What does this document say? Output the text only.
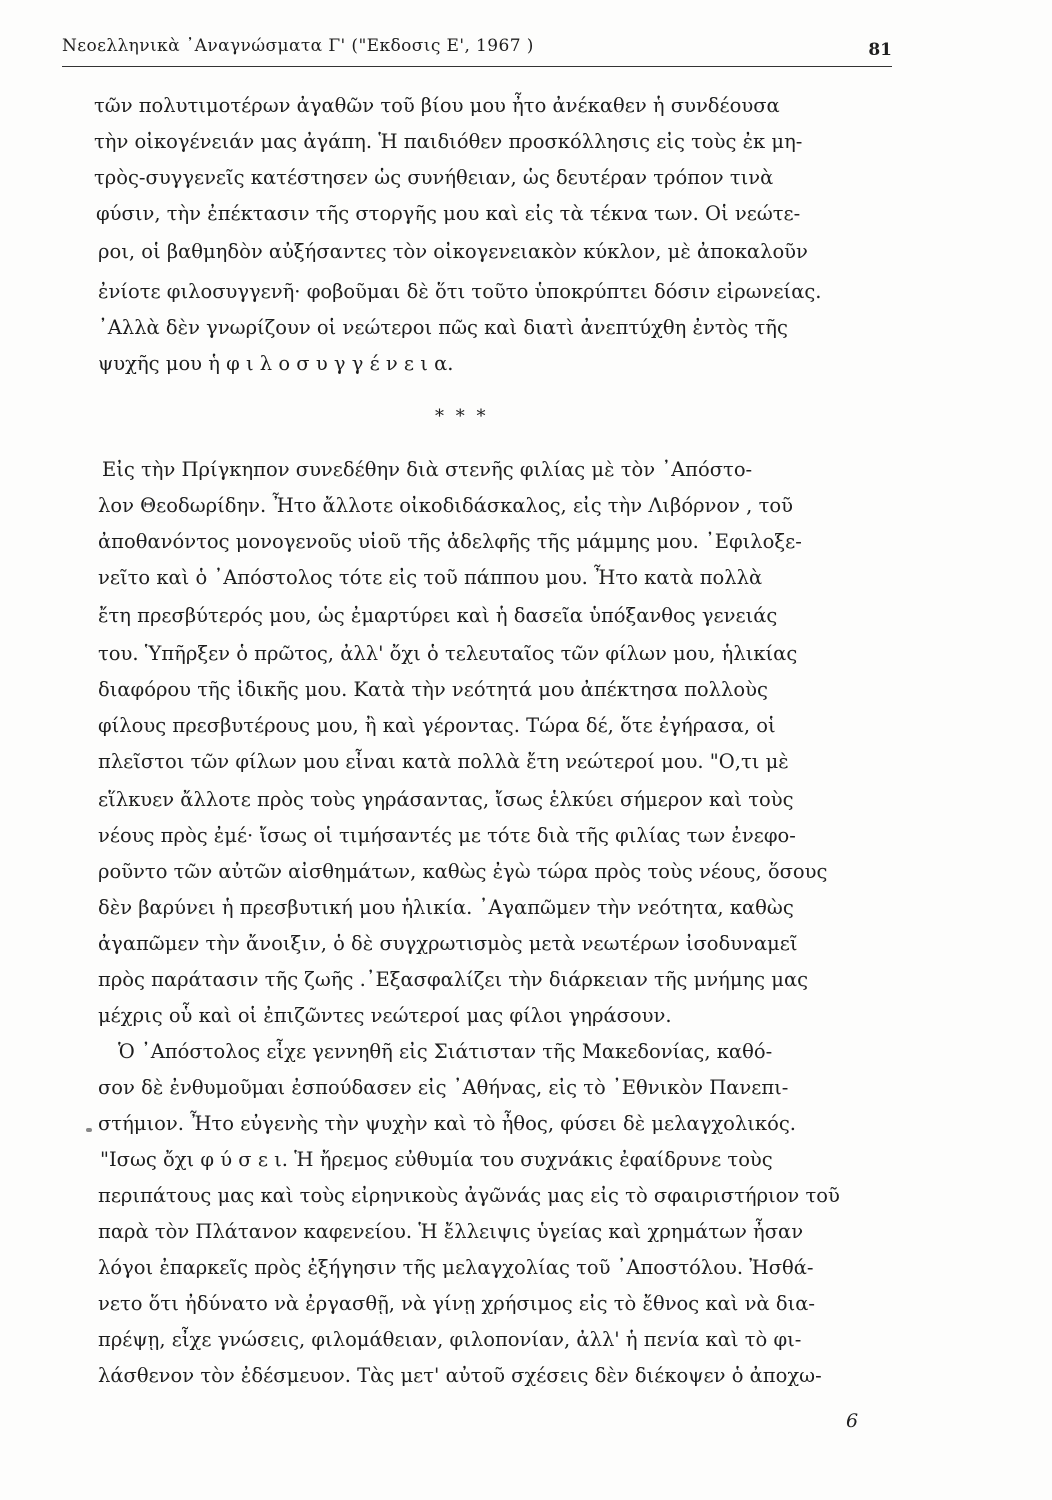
Νεοελληνικὰ ᾿Αναγνώσματα Γ' ("Εκδοσις Ε', 1967 )	81
τῶν πολυτιμοτέρων ἀγαθῶν τοῦ βίου μου ἦτο ἀνέκαθεν ἡ συνδέουσα
τὴν οἰκογένειάν μας ἀγάπη. Ἡ παιδιόθεν προσκόλλησις εἰς τοὺς ἐκ μη-
τρὸς-συγγενεῖς κατέστησεν ὡς συνήθειαν, ὡς δευτέραν τρόπον τινὰ
φύσιν, τὴν ἐπέκτασιν τῆς στοργῆς μου καὶ εἰς τὰ τέκνα των. Οἱ νεώτε-
ροι, οἱ βαθμηδὸν αὐξήσαντες τὸν οἰκογενειακὸν κύκλον, μὲ ἀποκαλοῦν
ἐνίοτε φιλοσυγγενῆ· φοβοῦμαι δὲ ὅτι τοῦτο ὑποκρύπτει δόσιν εἰρωνείας.
᾿Αλλὰ δὲν γνωρίζουν οἱ νεώτεροι πῶς καὶ διατὶ ἀνεπτύχθη ἐντὸς τῆς
ψυχῆς μου ἡ φ ι λ ο σ υ γ γ έ ν ε ι α.
* * *
Εἰς τὴν Πρίγκηπον συνεδέθην διὰ στενῆς φιλίας μὲ τὸν ᾿Απόστο-
λον Θεοδωρίδην. Ἦτο ἄλλοτε οἰκοδιδάσκαλος, εἰς τὴν Λιβόρνον , τοῦ
ἀποθανόντος μονογενοῦς υἱοῦ τῆς ἀδελφῆς τῆς μάμμης μου. ᾿Εφιλοξε-
νεῖτο καὶ ὁ ᾿Απόστολος τότε εἰς τοῦ πάππου μου. Ἦτο κατὰ πολλὰ
ἔτη πρεσβύτερός μου, ὡς ἐμαρτύρει καὶ ἡ δασεῖα ὑπόξανθος γενειάς
του. Ὑπῆρξεν ὁ πρῶτος, ἀλλ' ὄχι ὁ τελευταῖος τῶν φίλων μου, ἡλικίας
διαφόρου τῆς ἰδικῆς μου. Κατὰ τὴν νεότητά μου ἀπέκτησα πολλοὺς
φίλους πρεσβυτέρους μου, ἢ καὶ γέροντας. Τώρα δέ, ὅτε ἐγήρασα, οἱ
πλεῖστοι τῶν φίλων μου εἶναι κατὰ πολλὰ ἔτη νεώτεροί μου. "Ο,τι μὲ
εἵλκυεν ἄλλοτε πρὸς τοὺς γηράσαντας, ἴσως ἑλκύει σήμερον καὶ τοὺς
νέους πρὸς ἐμέ· ἴσως οἱ τιμήσαντές με τότε διὰ τῆς φιλίας των ἐνεφο-
ροῦντο τῶν αὐτῶν αἰσθημάτων, καθὼς ἐγὼ τώρα πρὸς τοὺς νέους, ὅσους
δὲν βαρύνει ἡ πρεσβυτική μου ἡλικία. ᾿Αγαπῶμεν τὴν νεότητα, καθὼς
ἀγαπῶμεν τὴν ἄνοιξιν, ὁ δὲ συγχρωτισμὸς μετὰ νεωτέρων ἰσοδυναμεῖ
πρὸς παράτασιν τῆς ζωῆς .᾿Εξασφαλίζει τὴν διάρκειαν τῆς μνήμης μας
μέχρις οὗ καὶ οἱ ἐπιζῶντες νεώτεροί μας φίλοι γηράσουν.
Ὁ ᾿Απόστολος εἶχε γεννηθῆ εἰς Σιάτισταν τῆς Μακεδονίας, καθό-
σον δὲ ἐνθυμοῦμαι ἐσπούδασεν εἰς ᾿Αθήνας, εἰς τὸ ᾿Εθνικὸν Πανεπι-
στήμιον. Ἦτο εὐγενὴς τὴν ψυχὴν καὶ τὸ ἦθος, φύσει δὲ μελαγχολικός.
"Ισως ὄχι φ ύ σ ε ι. Ἡ ἤρεμος εὐθυμία του συχνάκις ἐφαίδρυνε τοὺς
περιπάτους μας καὶ τοὺς εἰρηνικοὺς ἀγῶνάς μας εἰς τὸ σφαιριστήριον τοῦ
παρὰ τὸν Πλάτανον καφενείου. Ἡ ἔλλειψις ὑγείας καὶ χρημάτων ἦσαν
λόγοι ἐπαρκεῖς πρὸς ἐξήγησιν τῆς μελαγχολίας τοῦ ᾿Αποστόλου. Ἠσθά-
νετο ὅτι ἠδύνατο νὰ ἐργασθῇ, νὰ γίνῃ χρήσιμος εἰς τὸ ἔθνος καὶ νὰ δια-
πρέψῃ, εἶχε γνώσεις, φιλομάθειαν, φιλοπονίαν, ἀλλ' ἡ πενία καὶ τὸ φι-
λάσθενον τὸν ἐδέσμευον. Τὰς μετ' αὐτοῦ σχέσεις δὲν διέκοψεν ὁ ἀποχω-
6
